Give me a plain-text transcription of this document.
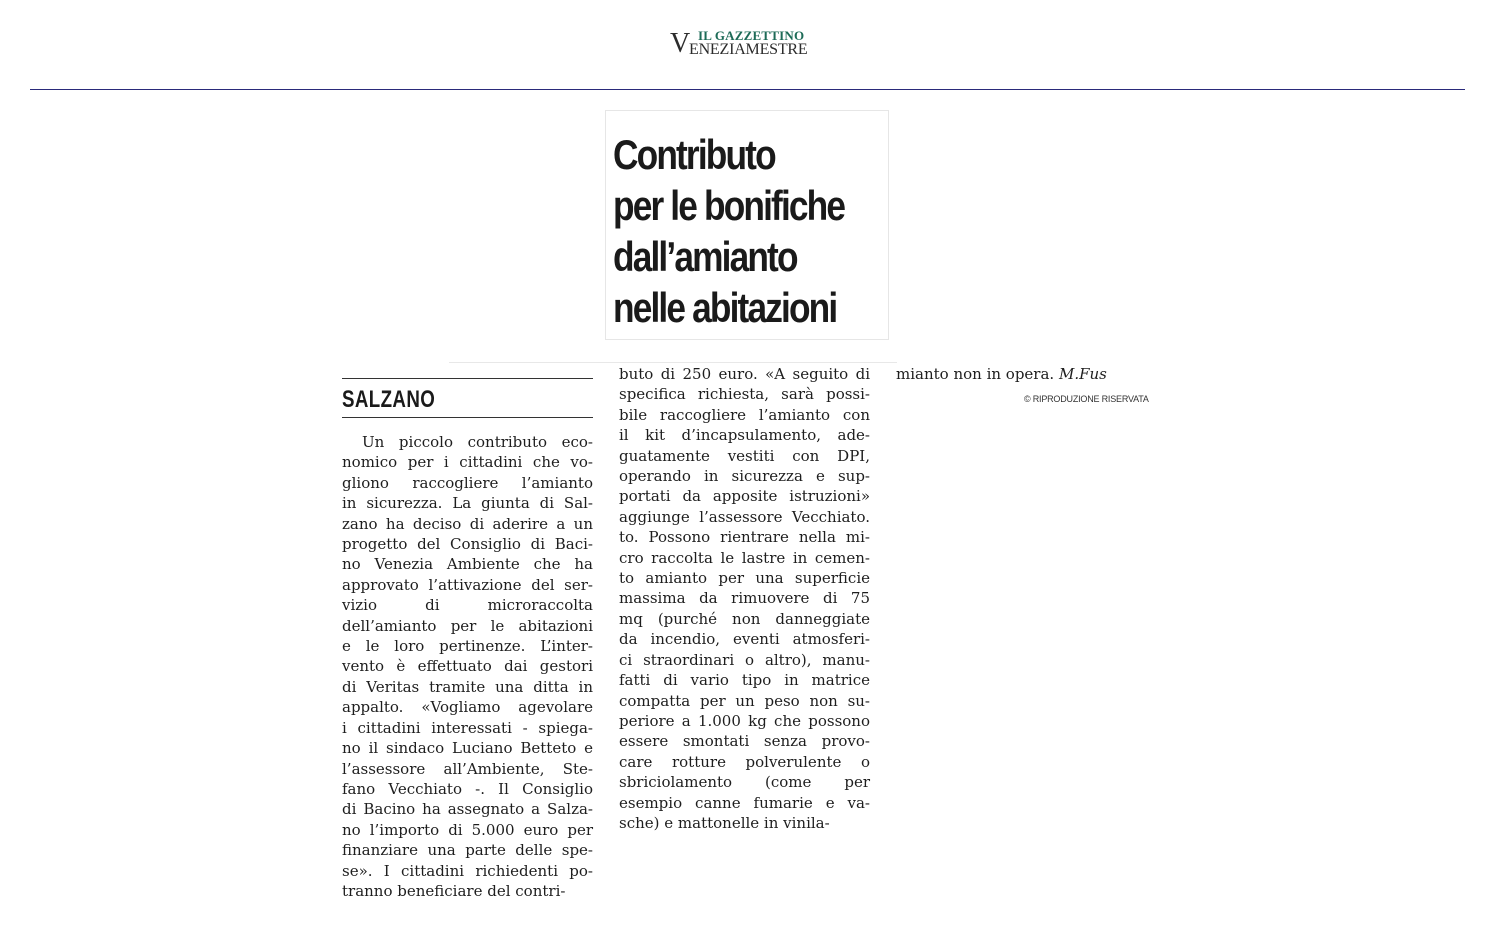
IL GAZZETTINO
V
ENEZIAMESTRE
Contributo
per le bonifiche
dall’amianto
nelle abitazioni
SALZANO
Un piccolo contributo eco-
nomico per i cittadini che vo-
gliono raccogliere l’amianto
in sicurezza. La giunta di Sal-
zano ha deciso di aderire a un
progetto del Consiglio di Baci-
no Venezia Ambiente che ha
approvato l’attivazione del ser-
vizio di microraccolta
dell’amianto per le abitazioni
e le loro pertinenze. L’inter-
vento è effettuato dai gestori
di Veritas tramite una ditta in
appalto. «Vogliamo agevolare
i cittadini interessati - spiega-
no il sindaco Luciano Betteto e
l’assessore all’Ambiente, Ste-
fano Vecchiato -. Il Consiglio
di Bacino ha assegnato a Salza-
no l’importo di 5.000 euro per
finanziare una parte delle spe-
se». I cittadini richiedenti po-
tranno beneficiare del contri-
buto di 250 euro. «A seguito di
specifica richiesta, sarà possi-
bile raccogliere l’amianto con
il kit d’incapsulamento, ade-
guatamente vestiti con DPI,
operando in sicurezza e sup-
portati da apposite istruzioni»
aggiunge l’assessore Vecchiato.
to. Possono rientrare nella mi-
cro raccolta le lastre in cemen-
to amianto per una superficie
massima da rimuovere di 75
mq (purché non danneggiate
da incendio, eventi atmosferi-
ci straordinari o altro), manu-
fatti di vario tipo in matrice
compatta per un peso non su-
periore a 1.000 kg che possono
essere smontati senza provo-
care rotture polverulente o
sbriciolamento (come per
esempio canne fumarie e va-
sche) e mattonelle in vinila-
mianto non in opera. M.Fus
© RIPRODUZIONE RISERVATA
